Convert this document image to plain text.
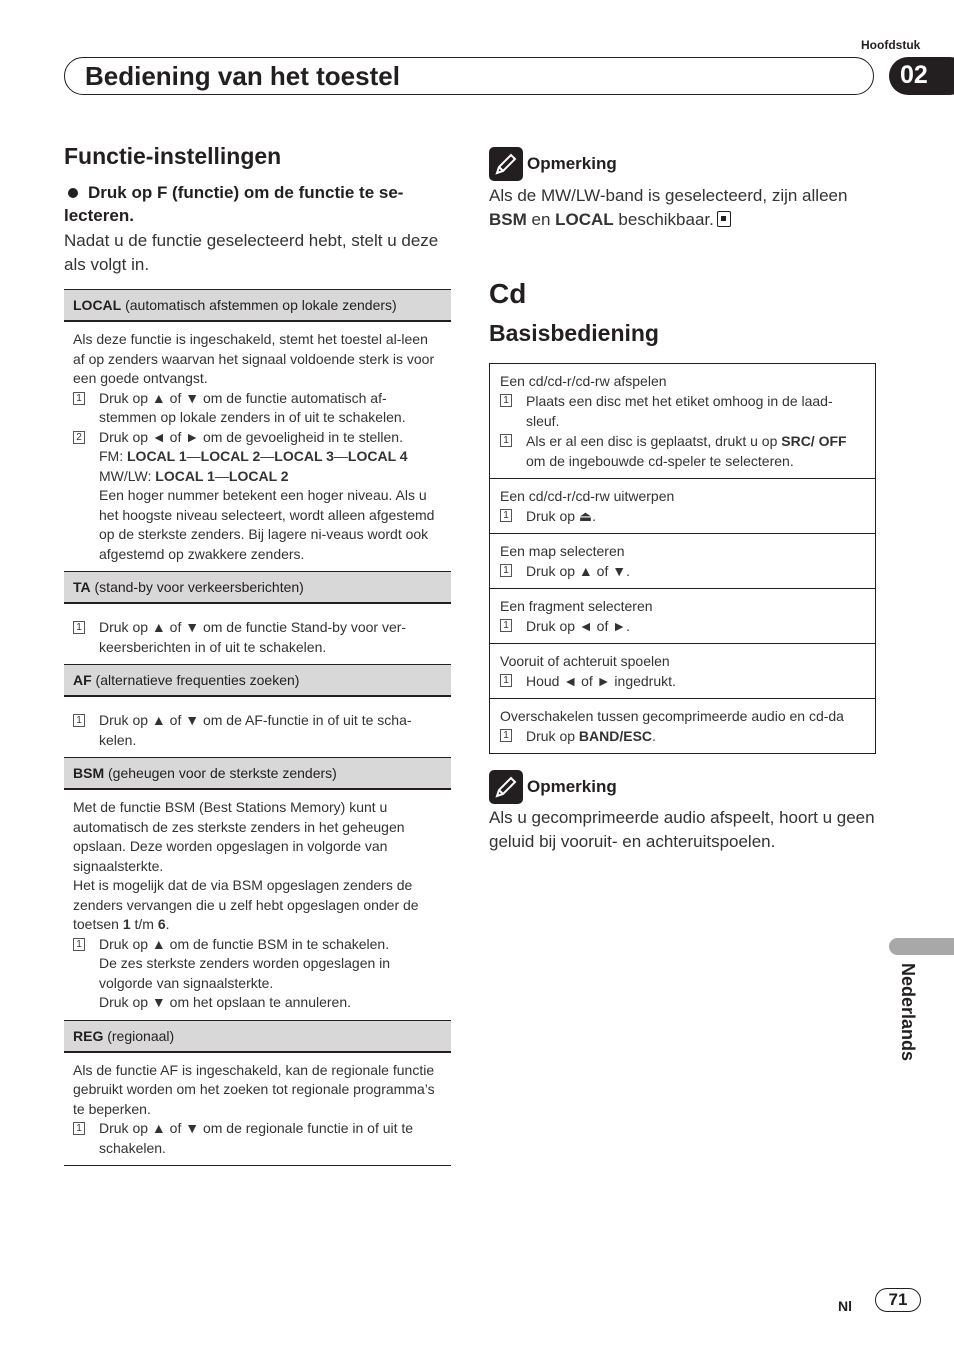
Hoofdstuk
Bediening van het toestel	02
Functie-instellingen
Druk op F (functie) om de functie te se-lecteren.
Nadat u de functie geselecteerd hebt, stelt u deze als volgt in.
LOCAL (automatisch afstemmen op lokale zenders)
Als deze functie is ingeschakeld, stemt het toestel al-leen af op zenders waarvan het signaal voldoende sterk is voor een goede ontvangst.
1 Druk op ▲ of ▼ om de functie automatisch af-stemmen op lokale zenders in of uit te schakelen.
2 Druk op ◄ of ► om de gevoeligheid in te stellen.
FM: LOCAL 1—LOCAL 2—LOCAL 3—LOCAL 4
MW/LW: LOCAL 1—LOCAL 2
Een hoger nummer betekent een hoger niveau. Als u het hoogste niveau selecteert, wordt alleen afgestemd op de sterkste zenders. Bij lagere ni-veaus wordt ook afgestemd op zwakkere zenders.
TA (stand-by voor verkeersberichten)
1 Druk op ▲ of ▼ om de functie Stand-by voor ver-keersberichten in of uit te schakelen.
AF (alternatieve frequenties zoeken)
1 Druk op ▲ of ▼ om de AF-functie in of uit te scha-kelen.
BSM (geheugen voor de sterkste zenders)
Met de functie BSM (Best Stations Memory) kunt u automatisch de zes sterkste zenders in het geheugen opslaan. Deze worden opgeslagen in volgorde van signaalsterkte.
Het is mogelijk dat de via BSM opgeslagen zenders de zenders vervangen die u zelf hebt opgeslagen onder de toetsen 1 t/m 6.
1 Druk op ▲ om de functie BSM in te schakelen.
De zes sterkste zenders worden opgeslagen in volgorde van signaalsterkte.
Druk op ▼ om het opslaan te annuleren.
REG (regionaal)
Als de functie AF is ingeschakeld, kan de regionale functie gebruikt worden om het zoeken tot regionale programma’s te beperken.
1 Druk op ▲ of ▼ om de regionale functie in of uit te schakelen.
Opmerking
Als de MW/LW-band is geselecteerd, zijn alleen BSM en LOCAL beschikbaar.
Cd
Basisbediening
Een cd/cd-r/cd-rw afspelen
1 Plaats een disc met het etiket omhoog in de laad-sleuf.
1 Als er al een disc is geplaatst, drukt u op SRC/ OFF om de ingebouwde cd-speler te selecteren.
Een cd/cd-r/cd-rw uitwerpen
1 Druk op ⏏.
Een map selecteren
1 Druk op ▲ of ▼.
Een fragment selecteren
1 Druk op ◄ of ►.
Vooruit of achteruit spoelen
1 Houd ◄ of ► ingedrukt.
Overschakelen tussen gecomprimeerde audio en cd-da
1 Druk op BAND/ESC.
Opmerking
Als u gecomprimeerde audio afspeelt, hoort u geen geluid bij vooruit- en achteruitspoelen.
Nederlands
Nl	71
